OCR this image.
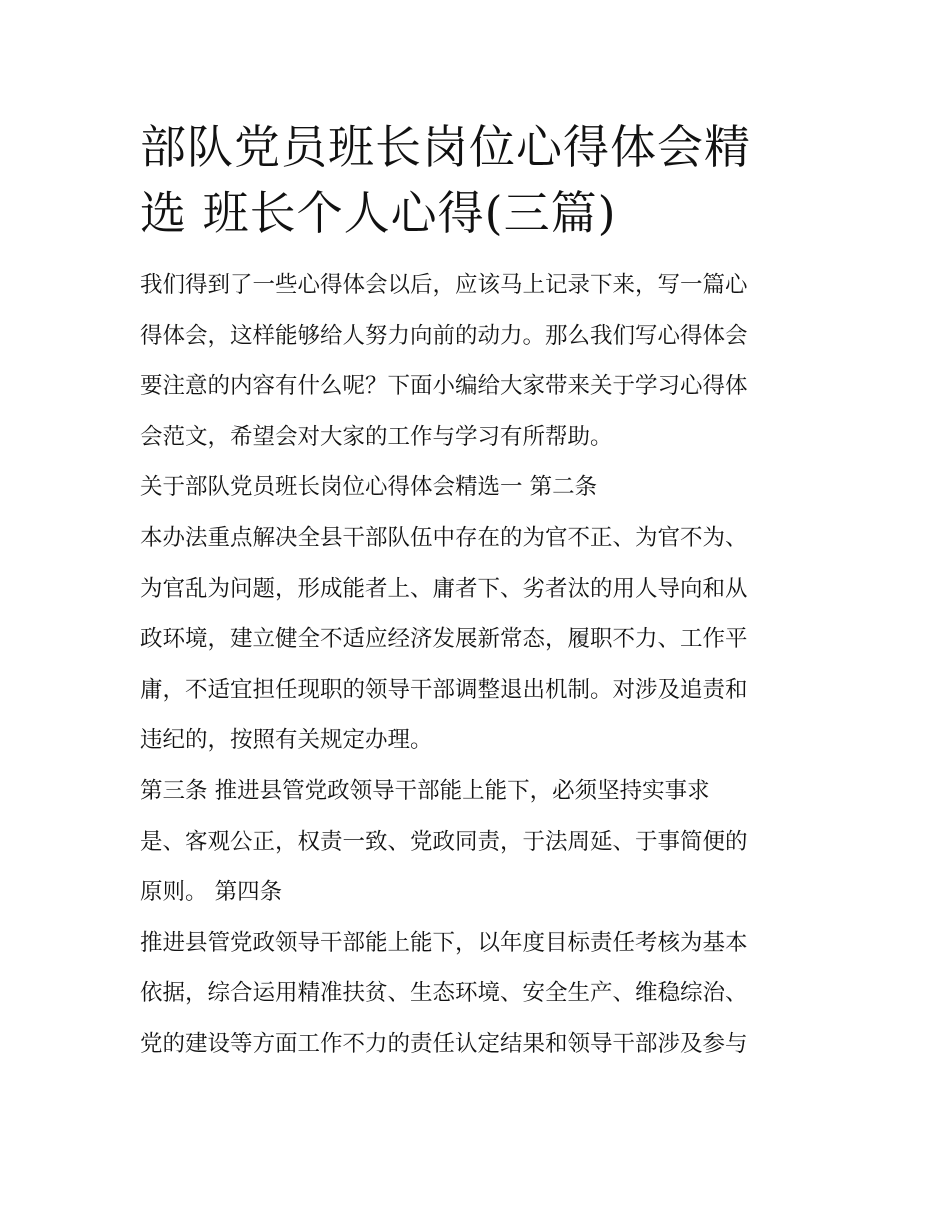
部队党员班长岗位心得体会精
选 班长个人心得(三篇)

我们得到了一些心得体会以后，应该马上记录下来，写一篇心

得体会，这样能够给人努力向前的动力。那么我们写心得体会

要注意的内容有什么呢？下面小编给大家带来关于学习心得体

会范文，希望会对大家的工作与学习有所帮助。

关于部队党员班长岗位心得体会精选一 第二条

本办法重点解决全县干部队伍中存在的为官不正、为官不为、

为官乱为问题，形成能者上、庸者下、劣者汰的用人导向和从

政环境，建立健全不适应经济发展新常态，履职不力、工作平

庸，不适宜担任现职的领导干部调整退出机制。对涉及追责和

违纪的，按照有关规定办理。

第三条 推进县管党政领导干部能上能下，必须坚持实事求

是、客观公正，权责一致、党政同责，于法周延、于事简便的

原则。 第四条

推进县管党政领导干部能上能下，以年度目标责任考核为基本

依据，综合运用精准扶贫、生态环境、安全生产、维稳综治、

党的建设等方面工作不力的责任认定结果和领导干部涉及参与
